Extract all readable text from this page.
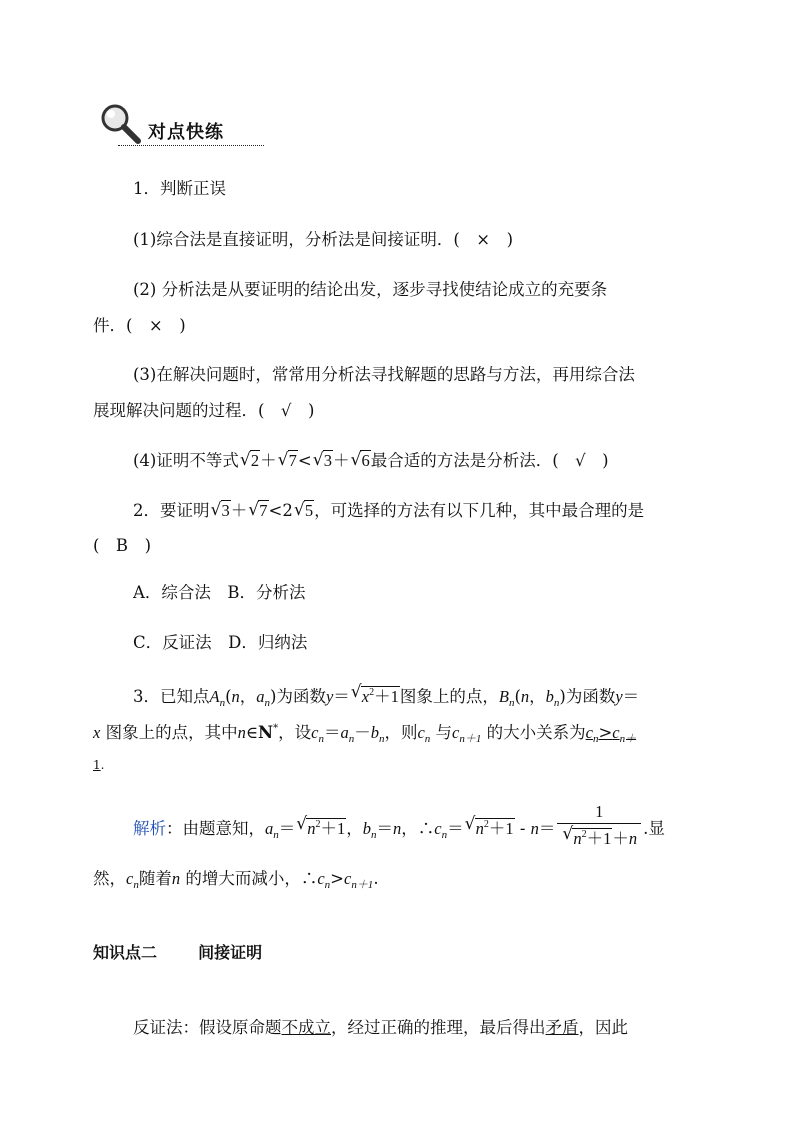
对点快练
1．判断正误
(1)综合法是直接证明，分析法是间接证明．(　×　)
(2) 分析法是从要证明的结论出发，逐步寻找使结论成立的充要条
件．(　×　)
(3)在解决问题时，常常用分析法寻找解题的思路与方法，再用综合法
展现解决问题的过程．(　√　)
(4)证明不等式 √ 2＋ √ 7< √ 3＋ √ 6最合适的方法是分析法．(　√　)
2．要证明 √ 3＋ √ 7<2 √ 5，可选择的方法有以下几种，其中最合理的是
(　B　)
A．综合法　B．分析法
C．反证法　D．归纳法
3．已知点$A_n(n$，$a_n$)为函数y＝ √ $x^2+1$图象上的点，$B_n(n$，$b_n$)为函数y＝
x 图象上的点，其中n∈N*，设$c_n=a_n-b_n$，则$c_n$ 与$c_{n+1}$ 的大小关系为$c_n>c_{n+}$
1.
解析：由题意知，$a_n=$ √ $n^2+1$，$b_n=n$，$\therefore c_n=$ √ $n^2+1 - n= \frac{1}{√ n^2+1+n}$ .显
然，$c_n$随着n 的增大而减小，$\therefore c_n>c_{n+1}$.
知识点二	间接证明
反证法：假设原命题不成立，经过正确的推理，最后得出矛盾，因此
